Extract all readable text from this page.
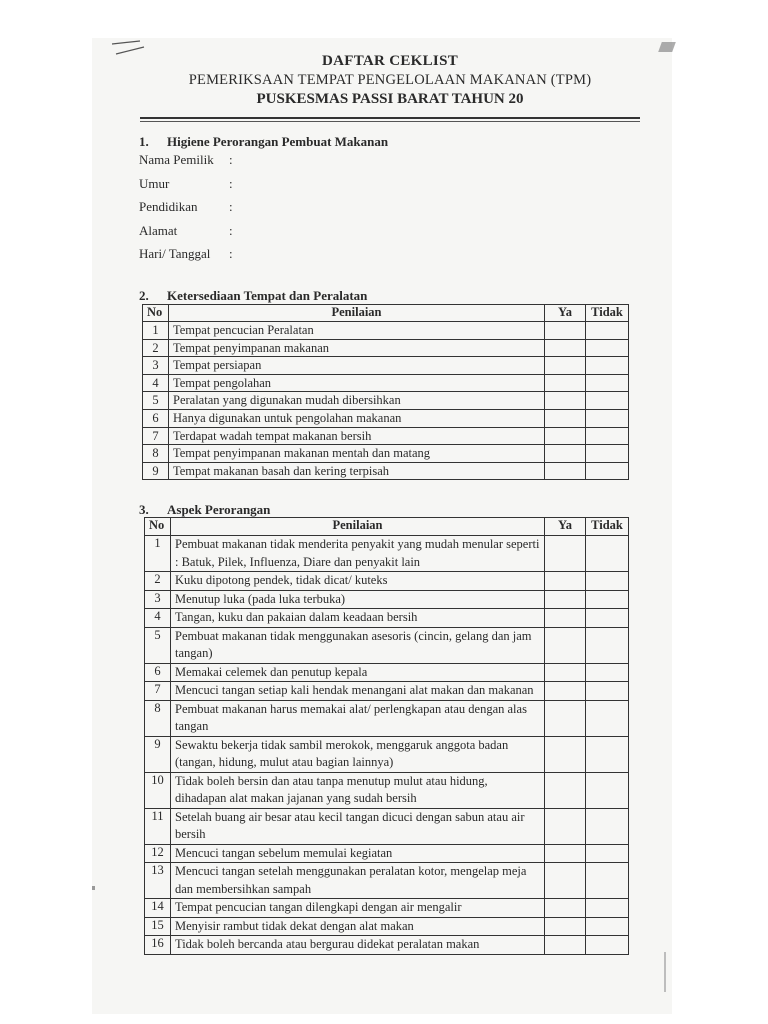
DAFTAR CEKLIST
PEMERIKSAAN TEMPAT PENGELOLAAN MAKANAN (TPM)
PUSKESMAS PASSI BARAT TAHUN 20
1. Higiene Perorangan Pembuat Makanan
Nama Pemilik :
Umur	:
Pendidikan :
Alamat	:
Hari/ Tanggal :
2. Ketersediaan Tempat dan Peralatan
No	Penilaian	Ya	Tidak
1	Tempat pencucian Peralatan		
2	Tempat penyimpanan makanan		
3	Tempat persiapan		
4	Tempat pengolahan		
5	Peralatan yang digunakan mudah dibersihkan		
6	Hanya digunakan untuk pengolahan makanan		
7	Terdapat wadah tempat makanan bersih		
8	Tempat penyimpanan makanan mentah dan matang		
9	Tempat makanan basah dan kering terpisah		
3. Aspek Perorangan
No	Penilaian	Ya	Tidak
1	Pembuat makanan tidak menderita penyakit yang mudah menular seperti : Batuk, Pilek, Influenza, Diare dan penyakit lain		
2	Kuku dipotong pendek, tidak dicat/ kuteks		
3	Menutup luka (pada luka terbuka)		
4	Tangan, kuku dan pakaian dalam keadaan bersih		
5	Pembuat makanan tidak menggunakan asesoris (cincin, gelang dan jam tangan)		
6	Memakai celemek dan penutup kepala		
7	Mencuci tangan setiap kali hendak menangani alat makan dan makanan		
8	Pembuat makanan harus memakai alat/ perlengkapan atau dengan alas tangan		
9	Sewaktu bekerja tidak sambil merokok, menggaruk anggota badan (tangan, hidung, mulut atau bagian lainnya)		
10	Tidak boleh bersin dan atau tanpa menutup mulut atau hidung, dihadapan alat makan jajanan yang sudah bersih		
11	Setelah buang air besar atau kecil tangan dicuci dengan sabun atau air bersih		
12	Mencuci tangan sebelum memulai kegiatan		
13	Mencuci tangan setelah menggunakan peralatan kotor, mengelap meja dan membersihkan sampah		
14	Tempat pencucian tangan dilengkapi dengan air mengalir		
15	Menyisir rambut tidak dekat dengan alat makan		
16	Tidak boleh bercanda atau bergurau didekat peralatan makan		
